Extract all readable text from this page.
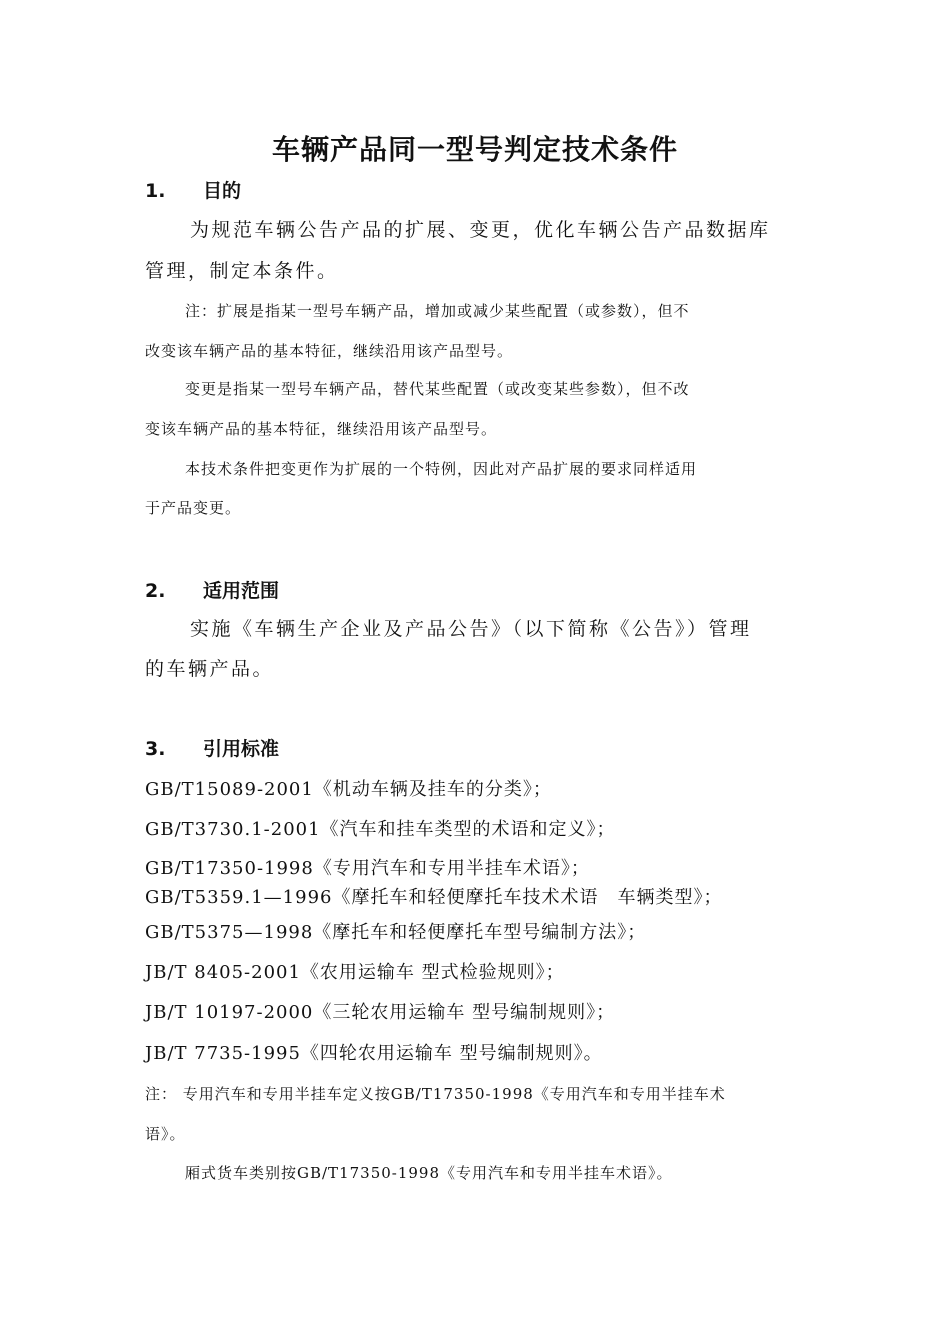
车辆产品同一型号判定技术条件
1. 目的
为规范车辆公告产品的扩展、变更，优化车辆公告产品数据库
管理，制定本条件。
注：扩展是指某一型号车辆产品，增加或减少某些配置（或参数），但不
改变该车辆产品的基本特征，继续沿用该产品型号。
变更是指某一型号车辆产品，替代某些配置（或改变某些参数），但不改
变该车辆产品的基本特征，继续沿用该产品型号。
本技术条件把变更作为扩展的一个特例，因此对产品扩展的要求同样适用
于产品变更。
2. 适用范围
实施《车辆生产企业及产品公告》（以下简称《公告》）管理
的车辆产品。
3. 引用标准
GB/T15089-2001《机动车辆及挂车的分类》；
GB/T3730.1-2001《汽车和挂车类型的术语和定义》；
GB/T17350-1998《专用汽车和专用半挂车术语》；
GB/T5359.1—1996《摩托车和轻便摩托车技术术语　车辆类型》；
GB/T5375—1998《摩托车和轻便摩托车型号编制方法》；
JB/T 8405-2001《农用运输车 型式检验规则》；
JB/T 10197-2000《三轮农用运输车 型号编制规则》；
JB/T 7735-1995《四轮农用运输车 型号编制规则》。
注： 专用汽车和专用半挂车定义按GB/T17350-1998《专用汽车和专用半挂车术
语》。
厢式货车类别按GB/T17350-1998《专用汽车和专用半挂车术语》。
